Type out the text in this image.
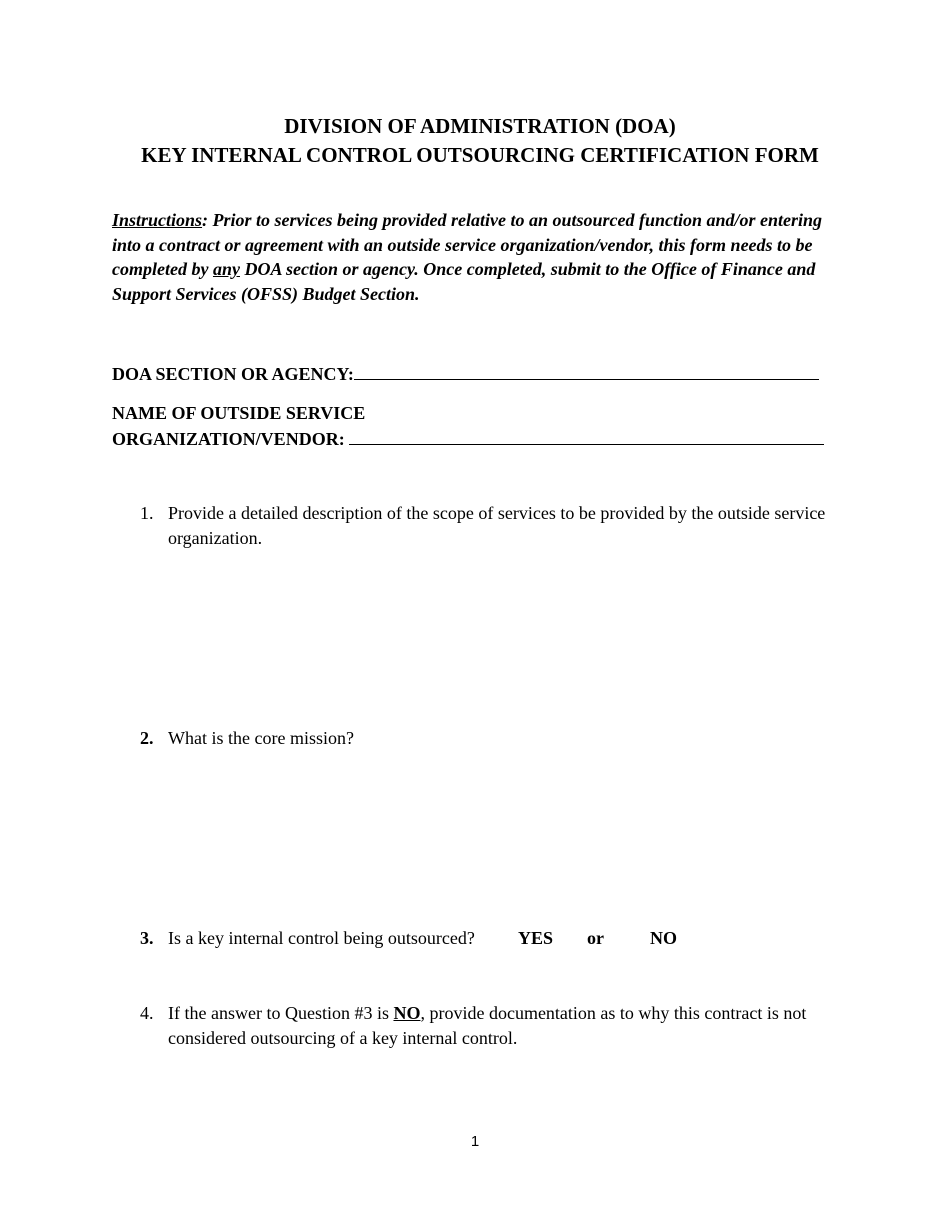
DIVISION OF ADMINISTRATION (DOA)
KEY INTERNAL CONTROL OUTSOURCING CERTIFICATION FORM
Instructions: Prior to services being provided relative to an outsourced function and/or entering into a contract or agreement with an outside service organization/vendor, this form needs to be completed by any DOA section or agency. Once completed, submit to the Office of Finance and Support Services (OFSS) Budget Section.
DOA SECTION OR AGENCY:
NAME OF OUTSIDE SERVICE
ORGANIZATION/VENDOR:
1. Provide a detailed description of the scope of services to be provided by the outside service organization.
2. What is the core mission?
3. Is a key internal control being outsourced?	YES or	NO
4. If the answer to Question #3 is NO, provide documentation as to why this contract is not considered outsourcing of a key internal control.
1
